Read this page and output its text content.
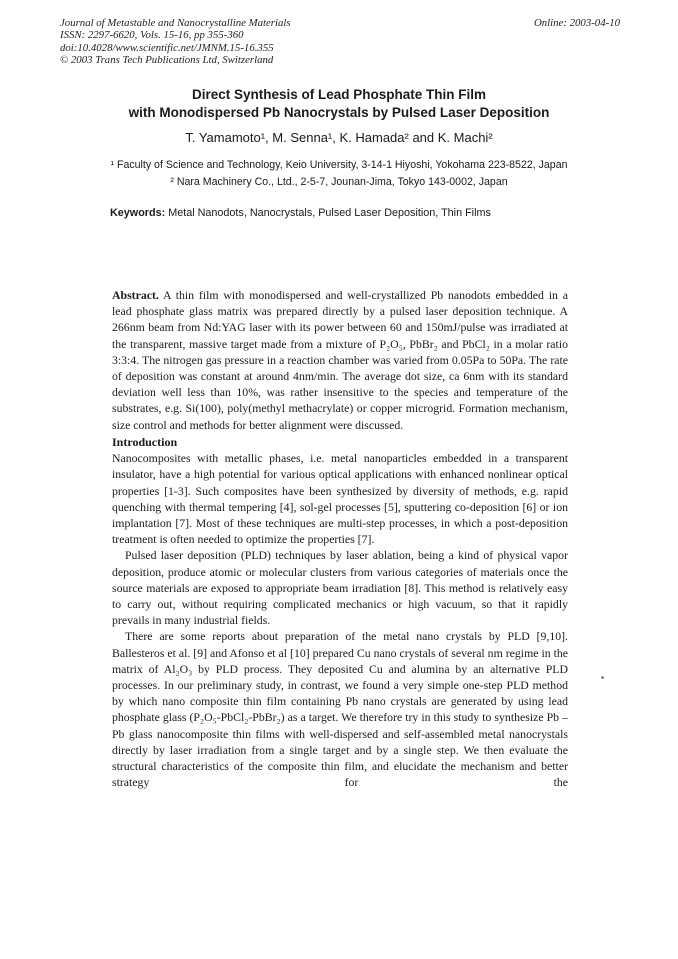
Journal of Metastable and Nanocrystalline Materials
ISSN: 2297-6620, Vols. 15-16, pp 355-360
doi:10.4028/www.scientific.net/JMNM.15-16.355
© 2003 Trans Tech Publications Ltd, Switzerland
Online: 2003-04-10
Direct Synthesis of Lead Phosphate Thin Film
with Monodispersed Pb Nanocrystals by Pulsed Laser Deposition
T. Yamamoto¹, M. Senna¹, K. Hamada² and K. Machi²
¹ Faculty of Science and Technology, Keio University, 3-14-1 Hiyoshi, Yokohama 223-8522, Japan
² Nara Machinery Co., Ltd., 2-5-7, Jounan-Jima, Tokyo 143-0002, Japan
Keywords: Metal Nanodots, Nanocrystals, Pulsed Laser Deposition, Thin Films
Abstract. A thin film with monodispersed and well-crystallized Pb nanodots embedded in a lead phosphate glass matrix was prepared directly by a pulsed laser deposition technique. A 266nm beam from Nd:YAG laser with its power between 60 and 150mJ/pulse was irradiated at the transparent, massive target made from a mixture of P₂O₅, PbBr₂ and PbCl₂ in a molar ratio 3:3:4. The nitrogen gas pressure in a reaction chamber was varied from 0.05Pa to 50Pa. The rate of deposition was constant at around 4nm/min. The average dot size, ca 6nm with its standard deviation well less than 10%, was rather insensitive to the species and temperature of the substrates, e.g. Si(100), poly(methyl methacrylate) or copper microgrid. Formation mechanism, size control and methods for better alignment were discussed.
Introduction

Nanocomposites with metallic phases, i.e. metal nanoparticles embedded in a transparent insulator, have a high potential for various optical applications with enhanced nonlinear optical properties [1-3]. Such composites have been synthesized by diversity of methods, e.g. rapid quenching with thermal tempering [4], sol-gel processes [5], sputtering co-deposition [6] or ion implantation [7]. Most of these techniques are multi-step processes, in which a post-deposition treatment is often needed to optimize the properties [7].

Pulsed laser deposition (PLD) techniques by laser ablation, being a kind of physical vapor deposition, produce atomic or molecular clusters from various categories of materials once the source materials are exposed to appropriate beam irradiation [8]. This method is relatively easy to carry out, without requiring complicated mechanics or high vacuum, so that it rapidly prevails in many industrial fields.

There are some reports about preparation of the metal nano crystals by PLD [9,10]. Ballesteros et al. [9] and Afonso et al [10] prepared Cu nano crystals of several nm regime in the matrix of Al₂O₃ by PLD process. They deposited Cu and alumina by an alternative PLD processes. In our preliminary study, in contrast, we found a very simple one-step PLD method by which nano composite thin film containing Pb nano crystals are generated by using lead phosphate glass (P₂O₅-PbCl₂-PbBr₂) as a target. We therefore try in this study to synthesize Pb – Pb glass nanocomposite thin films with well-dispersed and self-assembled metal nanocrystals directly by laser irradiation from a single target and by a single step. We then evaluate the structural characteristics of the composite thin film, and elucidate the mechanism and better strategy for the
